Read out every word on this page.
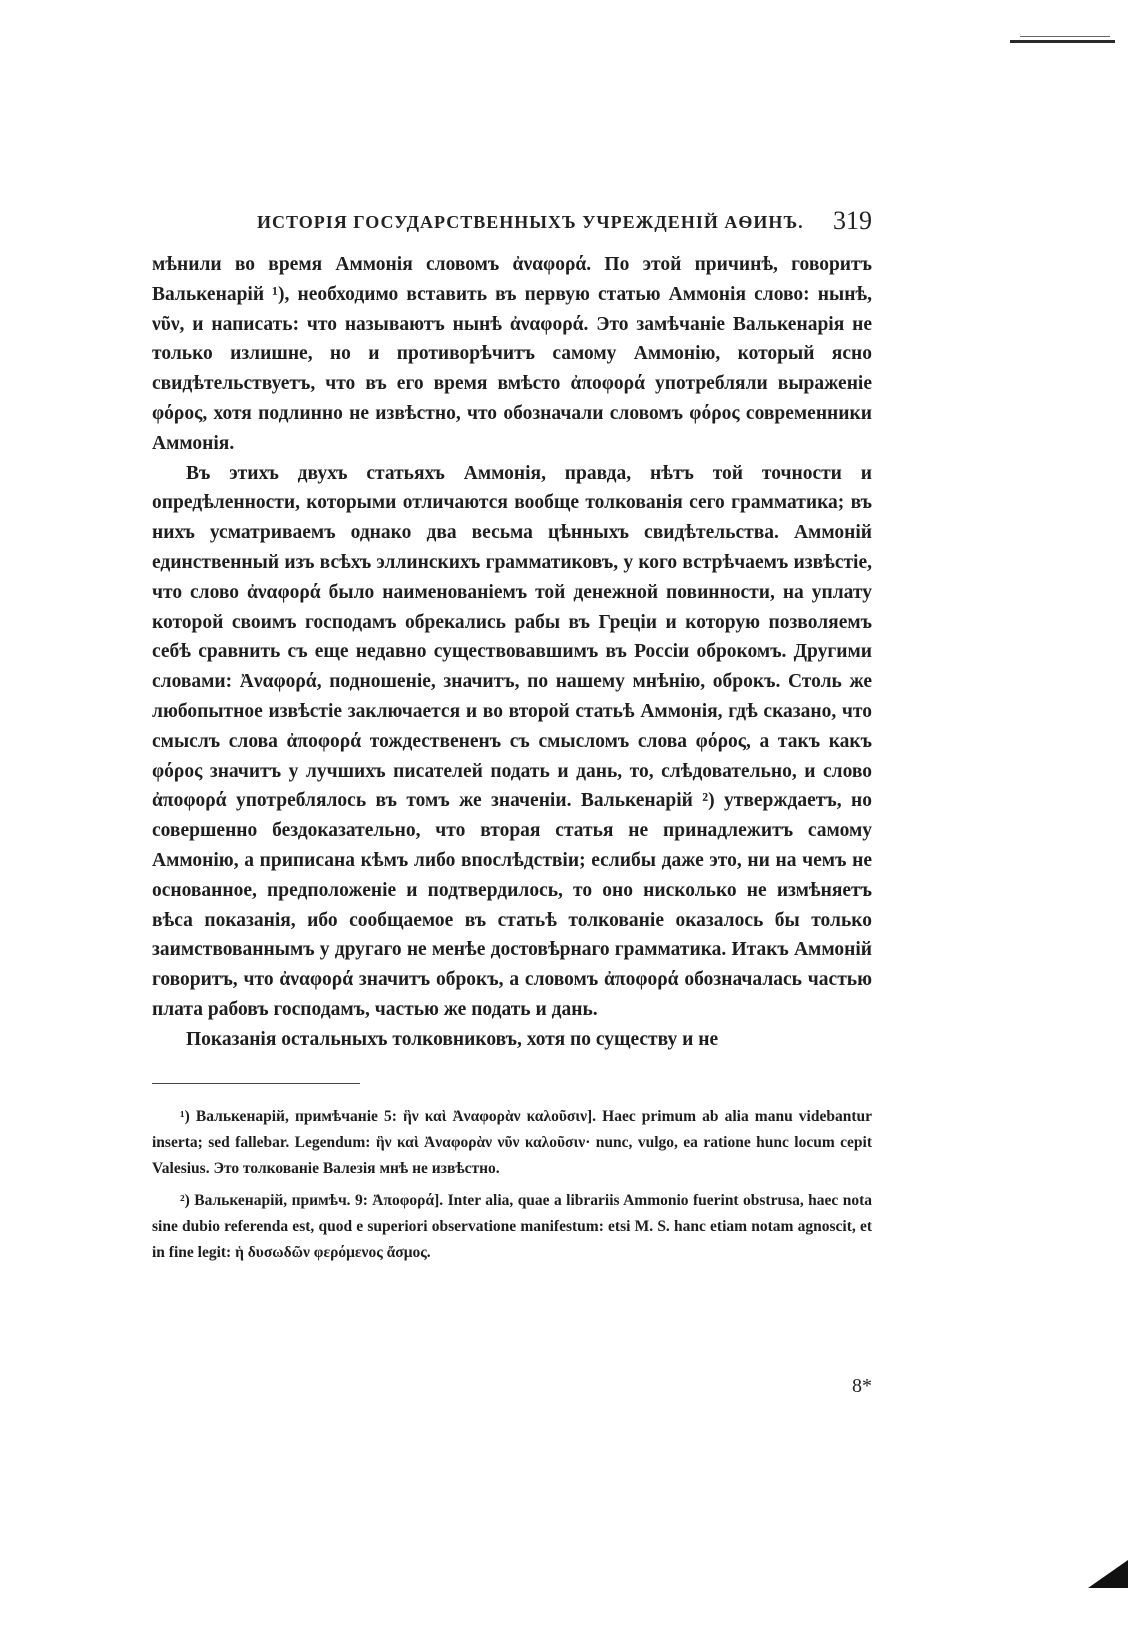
ИСТОРІЯ ГОСУДАРСТВЕННЫХЪ УЧРЕЖДЕНІЙ АѲИНЪ. 319

мѣнили во время Аммонія словомъ ἀναφορά. По этой причинѣ, говоритъ Валькенарій ¹), необходимо вставить въ первую статью Аммонія слово: нынѣ, νῦν, и написать: что называютъ нынѣ ἀναφορά. Это замѣчаніе Валькенарія не только излишне, но и противорѣчитъ самому Аммонію, который ясно свидѣтельствуетъ, что въ его время вмѣсто ἀποφορά употребляли выраженіе φόρος, хотя подлинно не извѣстно, что обозначали словомъ φόρος современники Аммонія.

Въ этихъ двухъ статьяхъ Аммонія, правда, нѣтъ той точности и опредѣленности, которыми отличаются вообще толкованія сего грамматика; въ нихъ усматриваемъ однако два весьма цѣнныхъ свидѣтельства. Аммоній единственный изъ всѣхъ эллинскихъ грамматиковъ, у кого встрѣчаемъ извѣстіе, что слово ἀναφορά было наименованіемъ той денежной повинности, на уплату которой своимъ господамъ обрекались рабы въ Греціи и которую позволяемъ себѣ сравнить съ еще недавно существовавшимъ въ Россіи оброкомъ. Другими словами: Ἀναφορά, подношеніе, значитъ, по нашему мнѣнію, оброкъ. Столь же любопытное извѣстіе заключается и во второй статьѣ Аммонія, гдѣ сказано, что смыслъ слова ἀποφορά тождествененъ съ смысломъ слова φόρος, а такъ какъ φόρος значитъ у лучшихъ писателей подать и дань, то, слѣдовательно, и слово ἀποφορά употреблялось въ томъ же значеніи. Валькенарій ²) утверждаетъ, но совершенно бездоказательно, что вторая статья не принадлежитъ самому Аммонію, а приписана кѣмъ либо впослѣдствіи; еслибы даже это, ни на чемъ не основанное, предположеніе и подтвердилось, то оно нисколько не измѣняетъ вѣса показанія, ибо сообщаемое въ статьѣ толкованіе оказалось бы только заимствованнымъ у другаго не менѣе достовѣрнаго грамматика. Итакъ Аммоній говоритъ, что ἀναφορά значитъ оброкъ, а словомъ ἀποφορά обозначалась частью плата рабовъ господамъ, частью же подать и дань.

Показанія остальныхъ толковниковъ, хотя по существу и не

¹) Валькенарій, примѣчаніе 5: ἣν καὶ Ἀναφορὰν καλοῦσιν]. Haec primum ab alia manu videbantur inserta; sed fallebar. Legendum: ἣν καὶ Ἀναφορὰν νῦν καλοῦσιν· nunc, vulgo, ea ratione hunc locum cepit Valesius. Это толкованіе Валезія мнѣ не извѣстно.

²) Валькенарій, примѣч. 9: Ἀποφορά]. Inter alia, quae a librariis Ammonio fuerint obstrusa, haec nota sine dubio referenda est, quod e superiori observatione manifestum: etsi M. S. hanc etiam notam agnoscit, et in fine legit: ἡ δυσωδῶν φερόμενος ἄσμος.

8*
